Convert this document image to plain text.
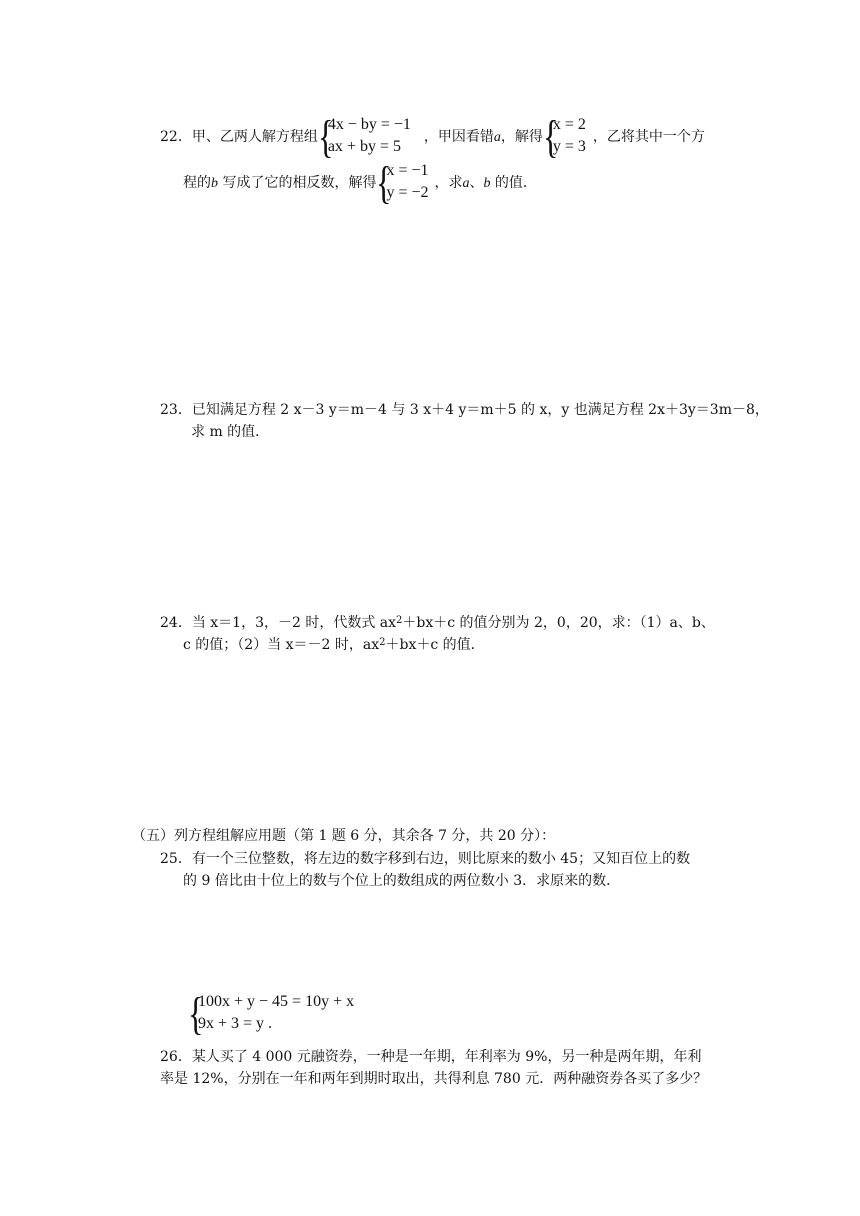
22．甲、乙两人解方程组 {
4x − by = −1
ax + by = 5
，甲因看错a，解得 {
x = 2
y = 3
，乙将其中一个方
程的b 写成了它的相反数，解得 {
x = −1
y = −2
，求a、b 的值．
23．已知满足方程 2 x－3 y＝m－4 与 3 x＋4 y＝m＋5 的 x，y 也满足方程 2x＋3y＝3m－8，
求 m 的值．
24．当 x＝1，3，－2 时，代数式 $ax^2+bx+c$ 的值分别为 2，0，20，求：（1）a、b、
c 的值；（2）当 x＝－2 时，$ax^2+bx+c$ 的值．
（五）列方程组解应用题（第 1 题 6 分，其余各 7 分，共 20 分）：
25．有一个三位整数，将左边的数字移到右边，则比原来的数小 45；又知百位上的数
的 9 倍比由十位上的数与个位上的数组成的两位数小 3．求原来的数．
{
100x + y − 45 = 10y + x
9x + 3 = y .
26．某人买了 4 000 元融资券，一种是一年期，年利率为 9%，另一种是两年期，年利
率是 12%，分别在一年和两年到期时取出，共得利息 780 元．两种融资券各买了多少？
